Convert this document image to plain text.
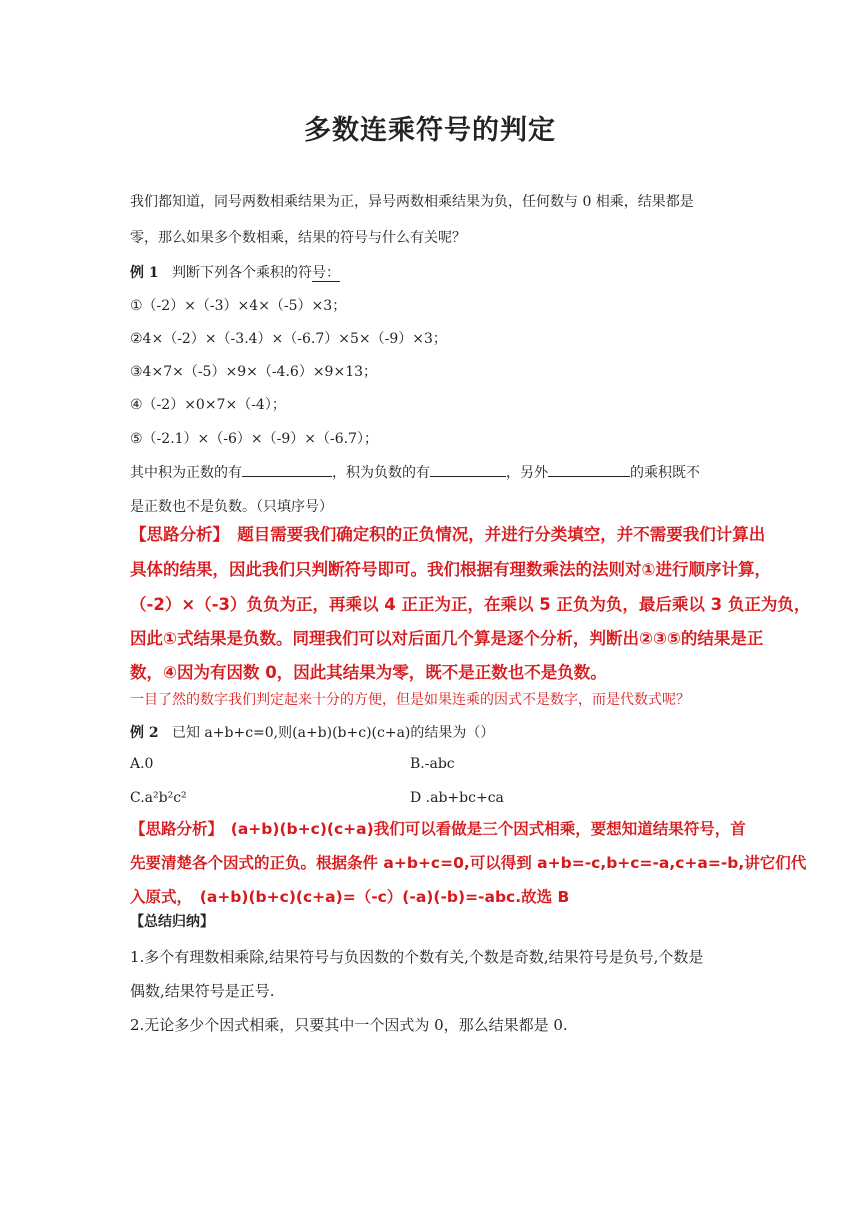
多数连乘符号的判定
我们都知道，同号两数相乘结果为正，异号两数相乘结果为负，任何数与 0 相乘，结果都是
零，那么如果多个数相乘，结果的符号与什么有关呢？
例 1 判断下列各个乘积的符号：
①（-2）×（-3）×4×（-5）×3；
②4×（-2）×（-3.4）×（-6.7）×5×（-9）×3；
③4×7×（-5）×9×（-4.6）×9×13；
④（-2）×0×7×（-4）；
⑤（-2.1）×（-6）×（-9）×（-6.7）；
其中积为正数的有	，积为负数的有	，另外	的乘积既不
是正数也不是负数。（只填序号）
【思路分析】　题目需要我们确定积的正负情况，并进行分类填空，并不需要我们计算出
具体的结果，因此我们只判断符号即可。我们根据有理数乘法的法则对①进行顺序计算，
（-2）×（-3）负负为正，再乘以 4 正正为正，在乘以 5 正负为负，最后乘以 3 负正为负，
因此①式结果是负数。同理我们可以对后面几个算是逐个分析，判断出②③⑤的结果是正
数，④因为有因数 0，因此其结果为零，既不是正数也不是负数。
一目了然的数字我们判定起来十分的方便，但是如果连乘的因式不是数字，而是代数式呢？
例 2 已知 a+b+c=0,则(a+b)(b+c)(c+a)的结果为（）
A.0	B.-abc
C.a²b²c²	D .ab+bc+ca
【思路分析】　(a+b)(b+c)(c+a)我们可以看做是三个因式相乘，要想知道结果符号，首
先要清楚各个因式的正负。根据条件 a+b+c=0,可以得到 a+b=-c,b+c=-a,c+a=-b,讲它们代
入原式，　(a+b)(b+c)(c+a)=（-c）(-a)(-b)=-abc.故选 B
【总结归纳】
1.多个有理数相乘除,结果符号与负因数的个数有关,个数是奇数,结果符号是负号,个数是
偶数,结果符号是正号.
2.无论多少个因式相乘，只要其中一个因式为 0，那么结果都是 0.
